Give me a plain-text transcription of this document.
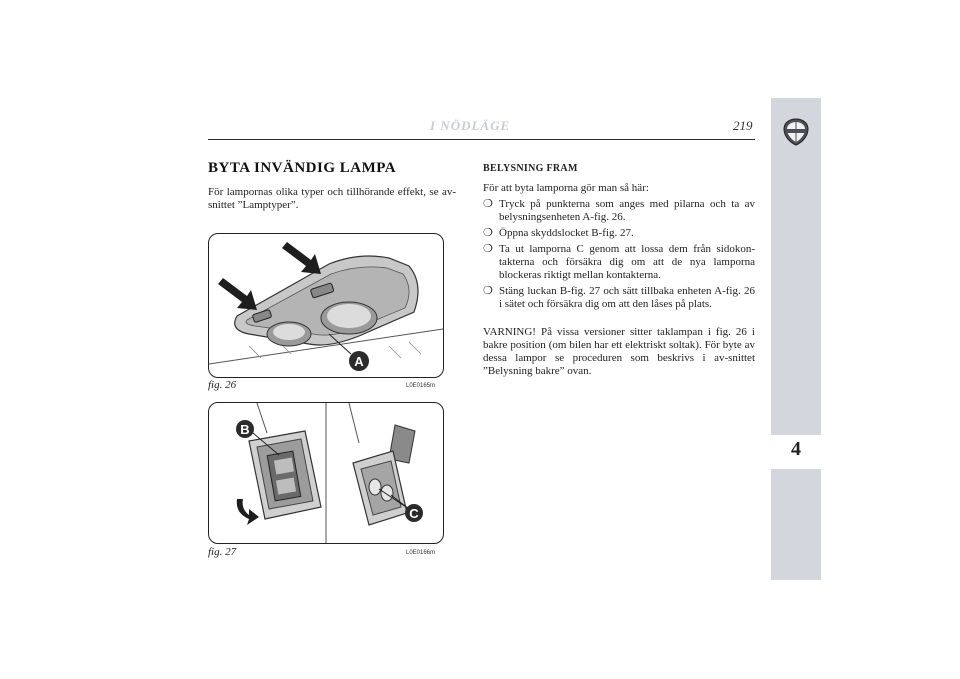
I NÖDLÄGE	219
4
BYTA INVÄNDIG LAMPA
För lampornas olika typer och tillhörande effekt, se av-snittet ”Lamptyper”.
A
fig. 26	L0E0165m
B
C
fig. 27	L0E0166m
BELYSNING FRAM
För att byta lamporna gör man så här:
❍ Tryck på punkterna som anges med pilarna och ta av belysningsenheten A-fig. 26.
❍ Öppna skyddslocket B-fig. 27.
❍ Ta ut lamporna C genom att lossa dem från sidokon-takterna och försäkra dig om att de nya lamporna blockeras riktigt mellan kontakterna.
❍ Stäng luckan B-fig. 27 och sätt tillbaka enheten A-fig. 26 i sätet och försäkra dig om att den låses på plats.
VARNING! På vissa versioner sitter taklampan i fig. 26 i bakre position (om bilen har ett elektriskt soltak). För byte av dessa lampor se proceduren som beskrivs i av-snittet ”Belysning bakre” ovan.
